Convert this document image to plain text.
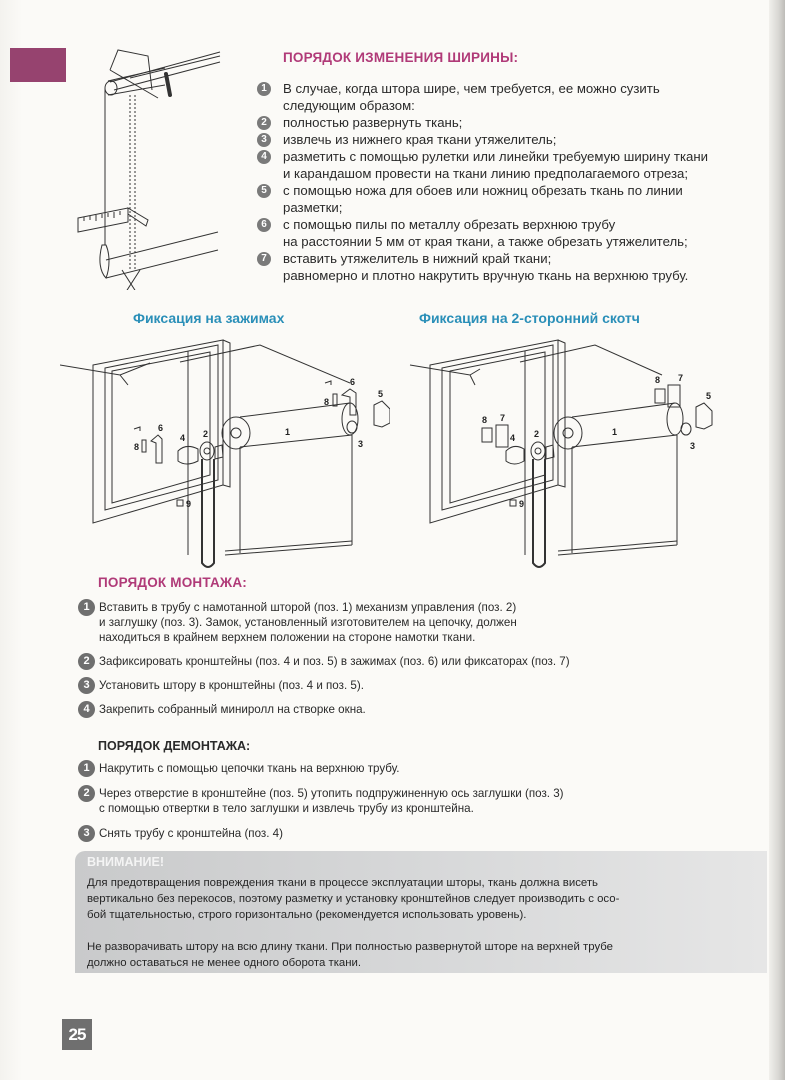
ПОРЯДОК ИЗМЕНЕНИЯ ШИРИНЫ:
1	В случае, когда штора шире, чем требуется, ее можно сузить
следующим образом:
2	полностью развернуть ткань;
3	извлечь из нижнего края ткани утяжелитель;
4	разметить с помощью рулетки или линейки требуемую ширину ткани
и карандашом провести на ткани линию предполагаемого отреза;
5	с помощью ножа для обоев или ножниц обрезать ткань по линии
разметки;
6	с помощью пилы по металлу обрезать верхнюю трубу
на расстоянии 5 мм от края ткани, а также обрезать утяжелитель;
7	вставить утяжелитель в нижний край ткани;
равномерно и плотно накрутить вручную ткань на верхнюю трубу.
Фиксация на зажимах	Фиксация на 2-сторонний скотч
1
2
3
4
5
6
6
8
8
9
1
2
3
4
5
7
7
8
8
9
ПОРЯДОК МОНТАЖА:
1 Вставить в трубу с намотанной шторой (поз. 1) механизм управления (поз. 2)
и заглушку (поз. 3). Замок, установленный изготовителем на цепочку, должен
находиться в крайнем верхнем положении на стороне намотки ткани.
2 Зафиксировать кронштейны (поз. 4 и поз. 5) в зажимах (поз. 6) или фиксаторах (поз. 7)
3 Установить штору в кронштейны (поз. 4 и поз. 5).
4 Закрепить собранный миниролл на створке окна.
ПОРЯДОК ДЕМОНТАЖА:
1 Накрутить с помощью цепочки ткань на верхнюю трубу.
2 Через отверстие в кронштейне (поз. 5) утопить подпружиненную ось заглушки (поз. 3)
с помощью отвертки в тело заглушки и извлечь трубу из кронштейна.
3 Снять трубу с кронштейна (поз. 4)
ВНИМАНИЕ!

Для предотвращения повреждения ткани в процессе эксплуатации шторы, ткань должна висеть
вертикально без перекосов, поэтому разметку и установку кронштейнов следует производить с осо-
бой тщательностью, строго горизонтально (рекомендуется использовать уровень).

Не разворачивать штору на всю длину ткани. При полностью развернутой шторе на верхней трубе
должно оставаться не менее одного оборота ткани.

25
